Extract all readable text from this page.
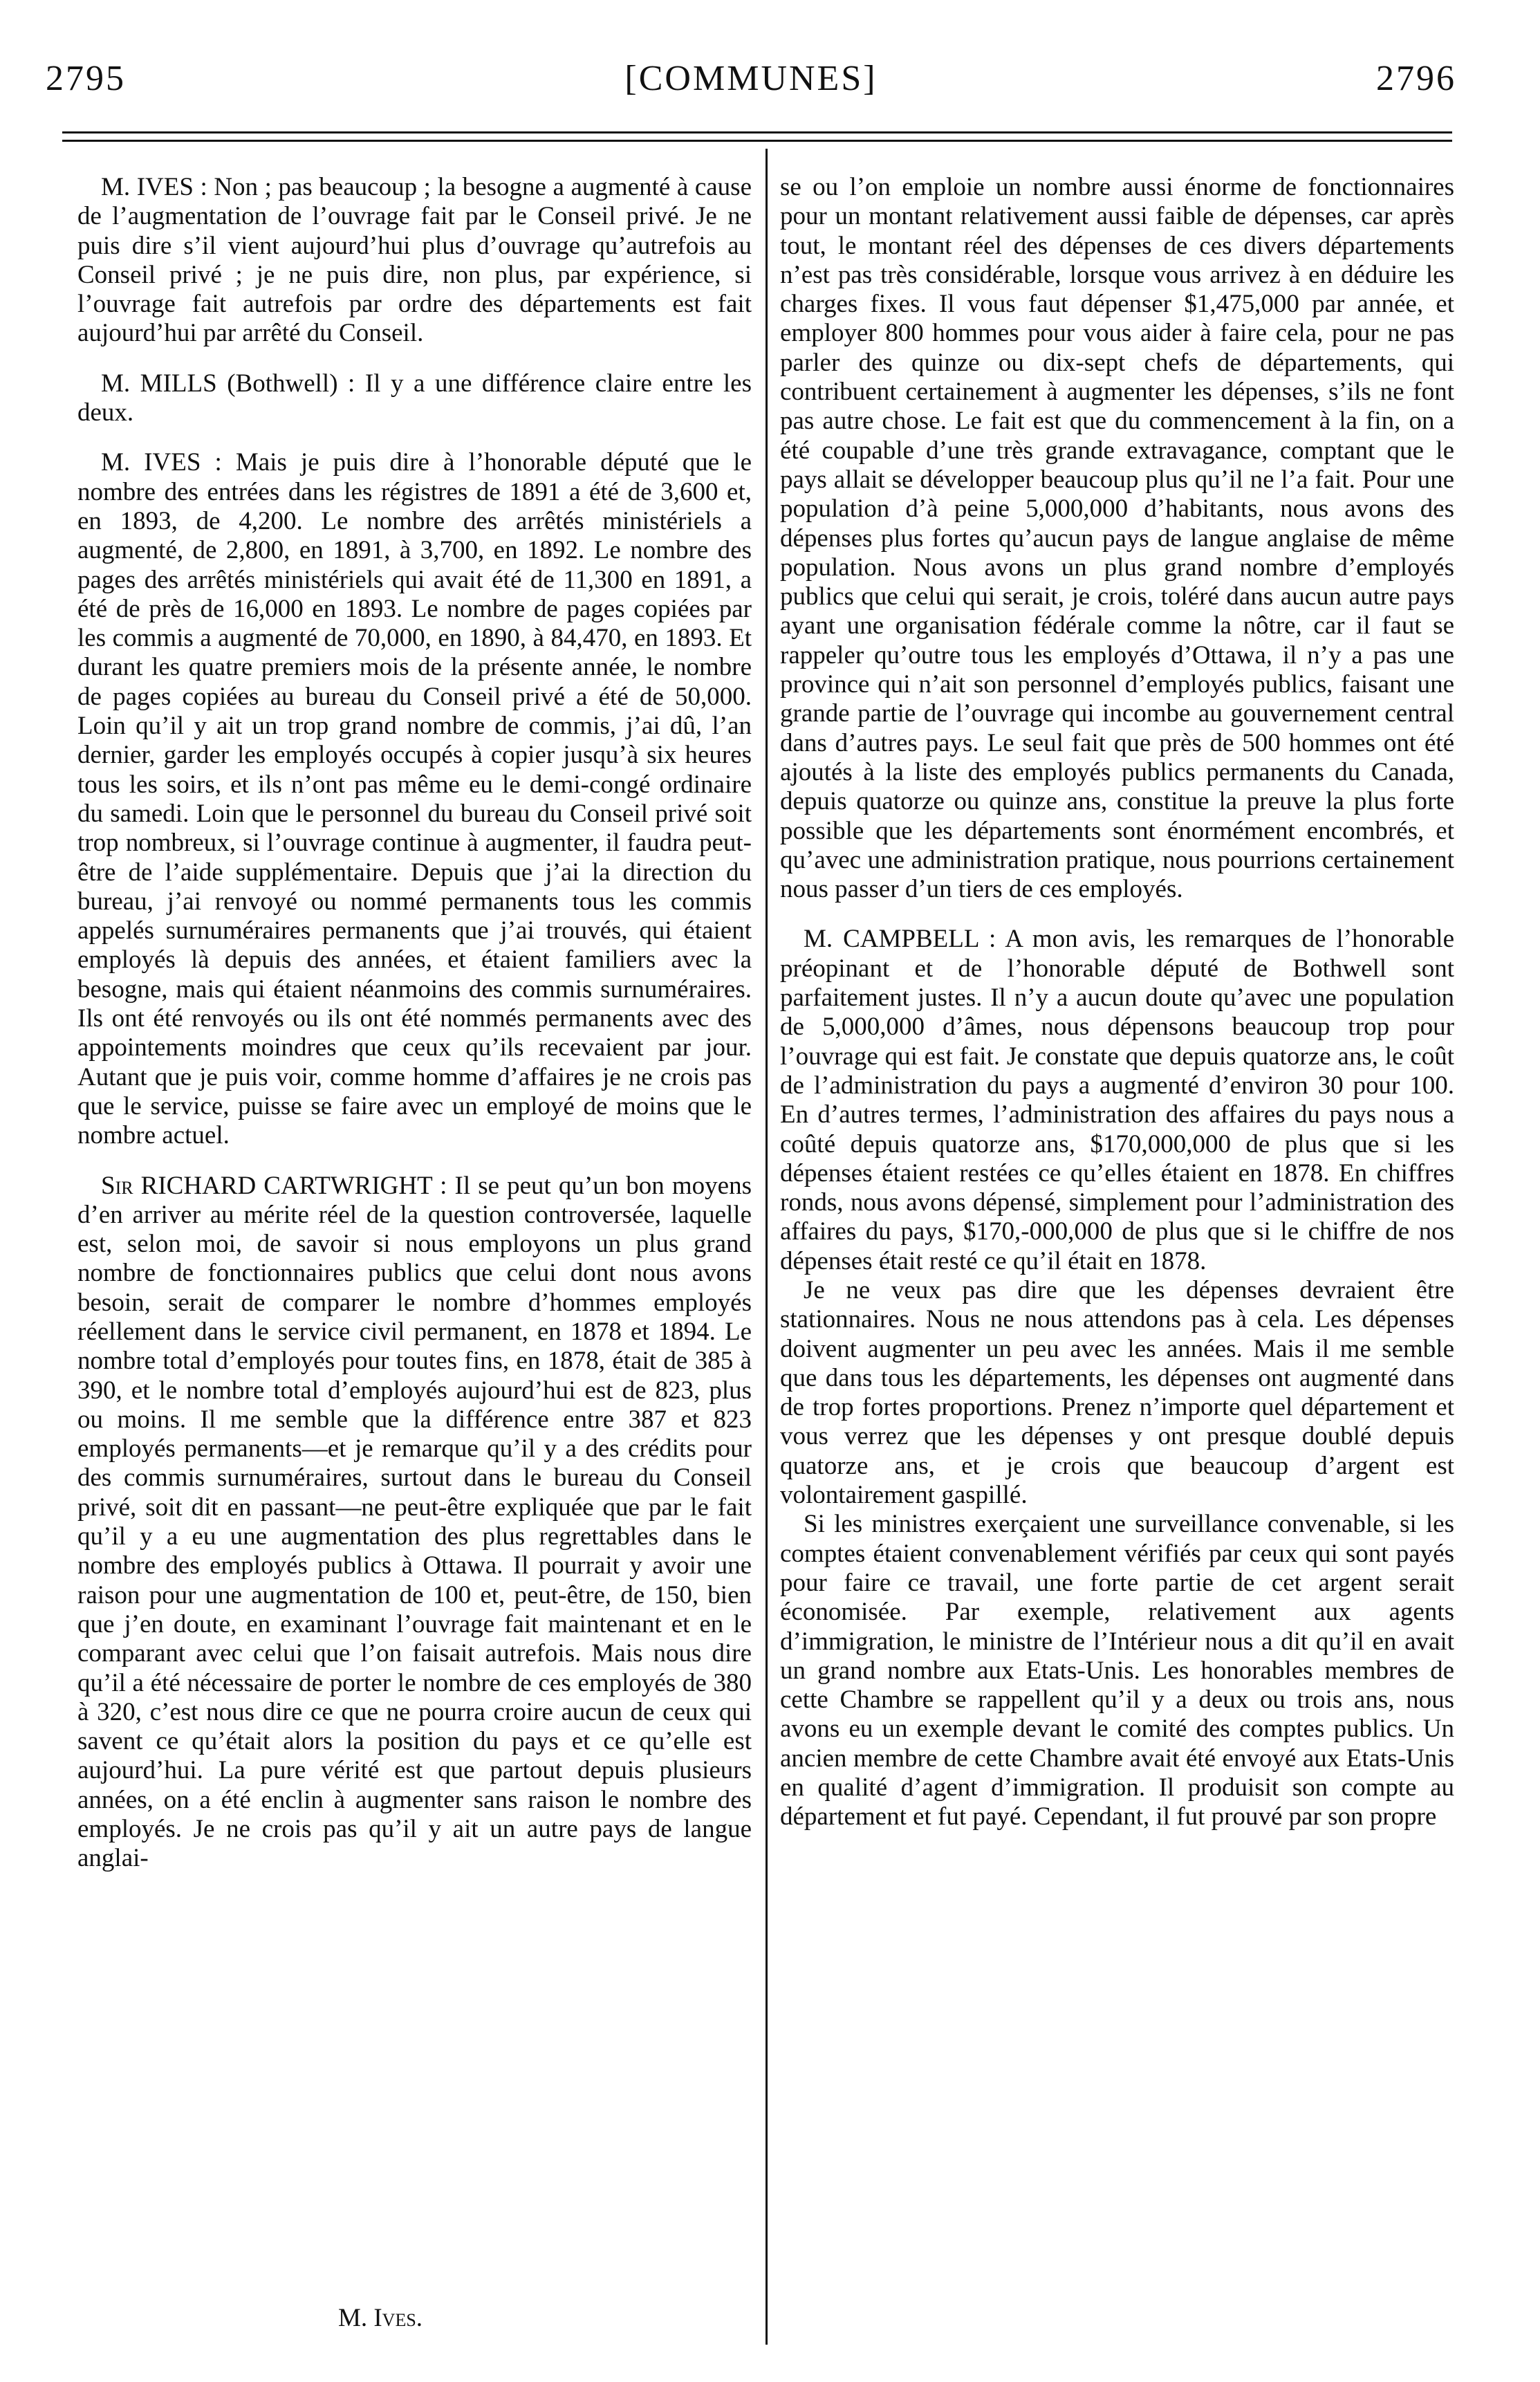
2795	[COMMUNES]	2796

M. IVES : Non ; pas beaucoup ; la besogne a augmenté à cause de l’augmentation de l’ouvrage fait par le Conseil privé. Je ne puis dire s’il vient aujourd’hui plus d’ouvrage qu’autrefois au Conseil privé ; je ne puis dire, non plus, par expérience, si l’ouvrage fait autrefois par ordre des départements est fait aujourd’hui par arrêté du Conseil.

M. MILLS (Bothwell) : Il y a une différence claire entre les deux.

M. IVES : Mais je puis dire à l’honorable député que le nombre des entrées dans les régistres de 1891 a été de 3,600 et, en 1893, de 4,200. Le nombre des arrêtés ministériels a augmenté, de 2,800, en 1891, à 3,700, en 1892. Le nombre des pages des arrêtés ministériels qui avait été de 11,300 en 1891, a été de près de 16,000 en 1893. Le nombre de pages copiées par les commis a augmenté de 70,000, en 1890, à 84,470, en 1893. Et durant les quatre premiers mois de la présente année, le nombre de pages copiées au bureau du Conseil privé a été de 50,000. Loin qu’il y ait un trop grand nombre de commis, j’ai dû, l’an dernier, garder les employés occupés à copier jusqu’à six heures tous les soirs, et ils n’ont pas même eu le demi-congé ordinaire du samedi. Loin que le personnel du bureau du Conseil privé soit trop nombreux, si l’ouvrage continue à augmenter, il faudra peut-être de l’aide supplémentaire. Depuis que j’ai la direction du bureau, j’ai renvoyé ou nommé permanents tous les commis appelés surnuméraires permanents que j’ai trouvés, qui étaient employés là depuis des années, et étaient familiers avec la besogne, mais qui étaient néanmoins des commis surnuméraires. Ils ont été renvoyés ou ils ont été nommés permanents avec des appointements moindres que ceux qu’ils recevaient par jour. Autant que je puis voir, comme homme d’affaires je ne crois pas que le service, puisse se faire avec un employé de moins que le nombre actuel.

Sir RICHARD CARTWRIGHT : Il se peut qu’un bon moyens d’en arriver au mérite réel de la question controversée, laquelle est, selon moi, de savoir si nous employons un plus grand nombre de fonctionnaires publics que celui dont nous avons besoin, serait de comparer le nombre d’hommes employés réellement dans le service civil permanent, en 1878 et 1894. Le nombre total d’employés pour toutes fins, en 1878, était de 385 à 390, et le nombre total d’employés aujourd’hui est de 823, plus ou moins. Il me semble que la différence entre 387 et 823 employés permanents—et je remarque qu’il y a des crédits pour des commis surnuméraires, surtout dans le bureau du Conseil privé, soit dit en passant—ne peut-être expliquée que par le fait qu’il y a eu une augmentation des plus regrettables dans le nombre des employés publics à Ottawa. Il pourrait y avoir une raison pour une augmentation de 100 et, peut-être, de 150, bien que j’en doute, en examinant l’ouvrage fait maintenant et en le comparant avec celui que l’on faisait autrefois. Mais nous dire qu’il a été nécessaire de porter le nombre de ces employés de 380 à 320, c’est nous dire ce que ne pourra croire aucun de ceux qui savent ce qu’était alors la position du pays et ce qu’elle est aujourd’hui. La pure vérité est que partout depuis plusieurs années, on a été enclin à augmenter sans raison le nombre des employés. Je ne crois pas qu’il y ait un autre pays de langue anglai-

se ou l’on emploie un nombre aussi énorme de fonctionnaires pour un montant relativement aussi faible de dépenses, car après tout, le montant réel des dépenses de ces divers départements n’est pas très considérable, lorsque vous arrivez à en déduire les charges fixes. Il vous faut dépenser $1,475,000 par année, et employer 800 hommes pour vous aider à faire cela, pour ne pas parler des quinze ou dix-sept chefs de départements, qui contribuent certainement à augmenter les dépenses, s’ils ne font pas autre chose. Le fait est que du commencement à la fin, on a été coupable d’une très grande extravagance, comptant que le pays allait se développer beaucoup plus qu’il ne l’a fait. Pour une population d’à peine 5,000,000 d’habitants, nous avons des dépenses plus fortes qu’aucun pays de langue anglaise de même population. Nous avons un plus grand nombre d’employés publics que celui qui serait, je crois, toléré dans aucun autre pays ayant une organisation fédérale comme la nôtre, car il faut se rappeler qu’outre tous les employés d’Ottawa, il n’y a pas une province qui n’ait son personnel d’employés publics, faisant une grande partie de l’ouvrage qui incombe au gouvernement central dans d’autres pays. Le seul fait que près de 500 hommes ont été ajoutés à la liste des employés publics permanents du Canada, depuis quatorze ou quinze ans, constitue la preuve la plus forte possible que les départements sont énormément encombrés, et qu’avec une administration pratique, nous pourrions certainement nous passer d’un tiers de ces employés.

M. CAMPBELL : A mon avis, les remarques de l’honorable préopinant et de l’honorable député de Bothwell sont parfaitement justes. Il n’y a aucun doute qu’avec une population de 5,000,000 d’âmes, nous dépensons beaucoup trop pour l’ouvrage qui est fait. Je constate que depuis quatorze ans, le coût de l’administration du pays a augmenté d’environ 30 pour 100. En d’autres termes, l’administration des affaires du pays nous a coûté depuis quatorze ans, $170,000,000 de plus que si les dépenses étaient restées ce qu’elles étaient en 1878. En chiffres ronds, nous avons dépensé, simplement pour l’administration des affaires du pays, $170,-000,000 de plus que si le chiffre de nos dépenses était resté ce qu’il était en 1878.

Je ne veux pas dire que les dépenses devraient être stationnaires. Nous ne nous attendons pas à cela. Les dépenses doivent augmenter un peu avec les années. Mais il me semble que dans tous les départements, les dépenses ont augmenté dans de trop fortes proportions. Prenez n’importe quel département et vous verrez que les dépenses y ont presque doublé depuis quatorze ans, et je crois que beaucoup d’argent est volontairement gaspillé.

Si les ministres exerçaient une surveillance convenable, si les comptes étaient convenablement vérifiés par ceux qui sont payés pour faire ce travail, une forte partie de cet argent serait économisée. Par exemple, relativement aux agents d’immigration, le ministre de l’Intérieur nous a dit qu’il en avait un grand nombre aux Etats-Unis. Les honorables membres de cette Chambre se rappellent qu’il y a deux ou trois ans, nous avons eu un exemple devant le comité des comptes publics. Un ancien membre de cette Chambre avait été envoyé aux Etats-Unis en qualité d’agent d’immigration. Il produisit son compte au département et fut payé. Cependant, il fut prouvé par son propre

M. Ives.
